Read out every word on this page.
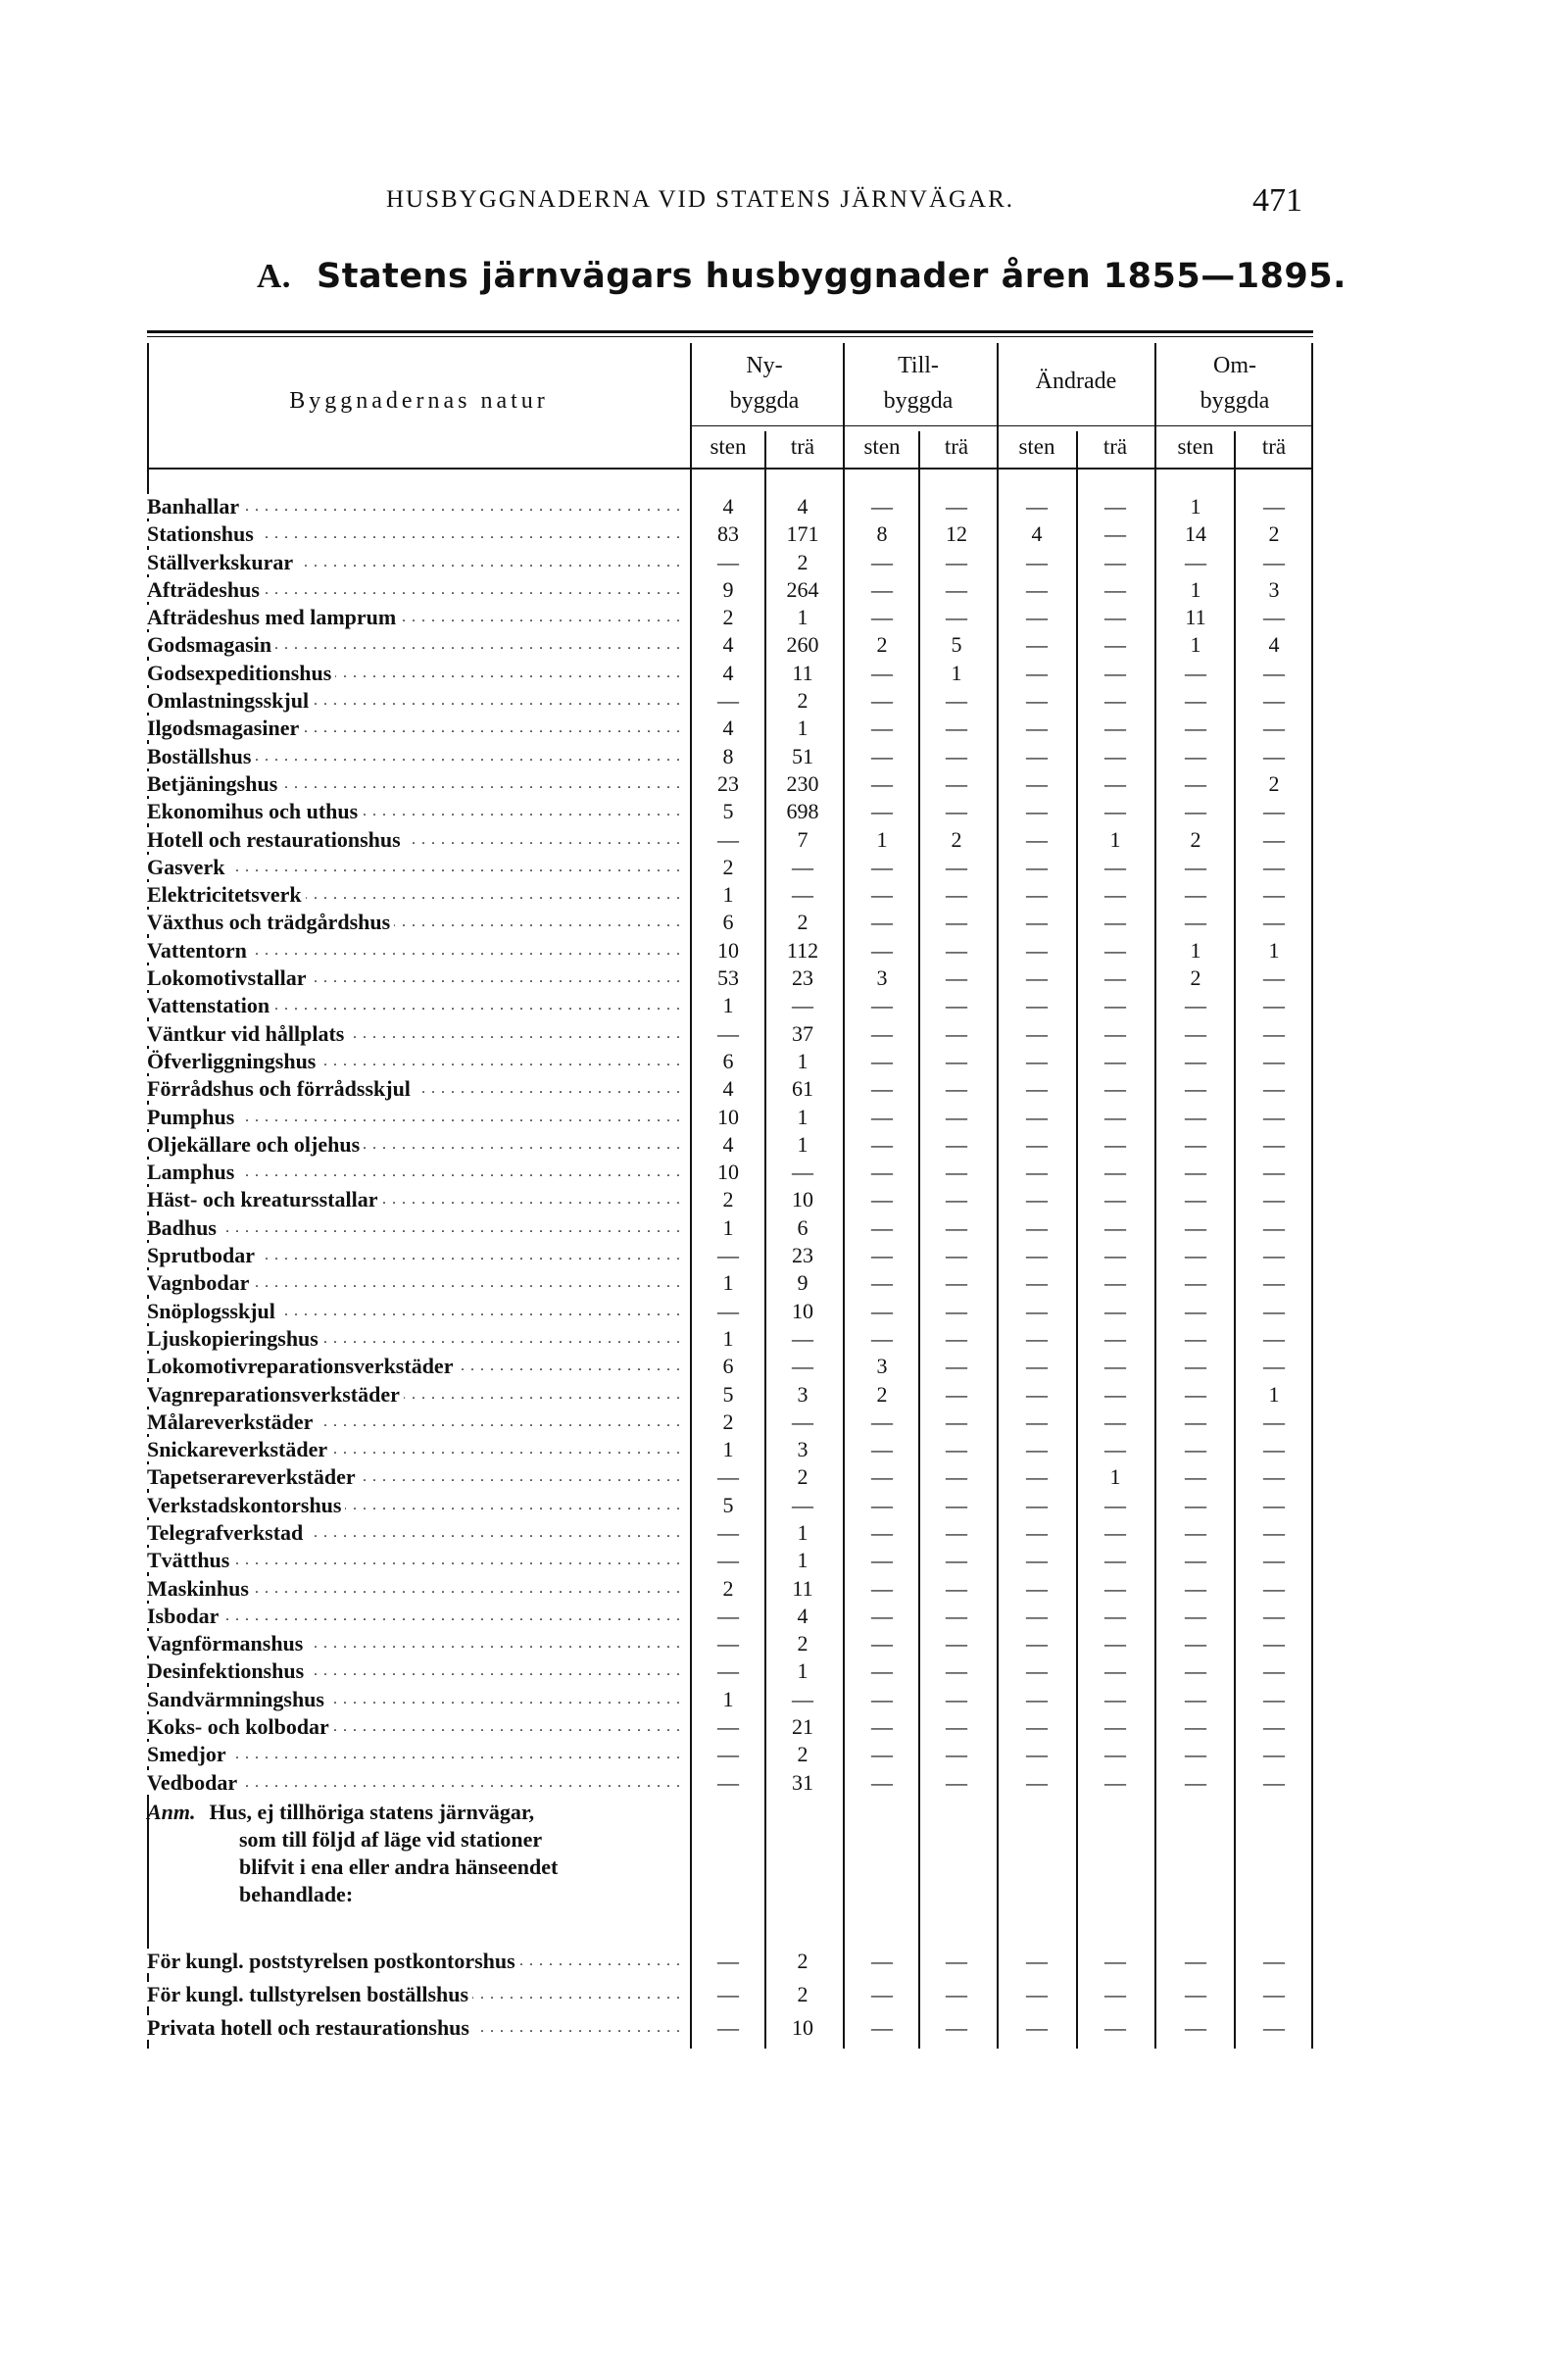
HUSBYGGNADERNA VID STATENS JÄRNVÄGAR.	471
A. Statens järnvägars husbyggnader åren 1855—1895.
Byggnadernas natur
Ny-
byggda
Till-
byggda
Ändrade
Om-
byggda
sten	trä	sten	trä	sten	trä	sten	trä
Banhallar . . .	4	4	—	—	—	—	1	—
Stationshus . . .	83	171	8	12	4	—	14	2
Ställverkskurar . . .	—	2	—	—	—	—	—	—
Afträdeshus . . .	9	264	—	—	—	—	1	3
Afträdeshus med lamprum . . .	2	1	—	—	—	—	11	—
Godsmagasin . . .	4	260	2	5	—	—	1	4
Godsexpeditionshus . . .	4	11	—	1	—	—	—	—
Omlastningsskjul . . .	—	2	—	—	—	—	—	—
Ilgodsmagasiner . . .	4	1	—	—	—	—	—	—
Boställshus . . .	8	51	—	—	—	—	—	—
Betjäningshus . . .	23	230	—	—	—	—	—	2
Ekonomihus och uthus . . .	5	698	—	—	—	—	—	—
Hotell och restaurationshus . . .	—	7	1	2	—	1	2	—
Gasverk . . .	2	—	—	—	—	—	—	—
Elektricitetsverk . . .	1	—	—	—	—	—	—	—
Växthus och trädgårdshus . . .	6	2	—	—	—	—	—	—
Vattentorn . . .	10	112	—	—	—	—	1	1
Lokomotivstallar . . .	53	23	3	—	—	—	2	—
Vattenstation . . .	1	—	—	—	—	—	—	—
Väntkur vid hållplats . . .	—	37	—	—	—	—	—	—
Öfverliggningshus . . .	6	1	—	—	—	—	—	—
Förrådshus och förrådsskjul . . .	4	61	—	—	—	—	—	—
Pumphus . . .	10	1	—	—	—	—	—	—
Oljekällare och oljehus . . .	4	1	—	—	—	—	—	—
Lamphus . . .	10	—	—	—	—	—	—	—
Häst- och kreatursstallar . . .	2	10	—	—	—	—	—	—
Badhus . . .	1	6	—	—	—	—	—	—
Sprutbodar . . .	—	23	—	—	—	—	—	—
Vagnbodar . . .	1	9	—	—	—	—	—	—
Snöplogsskjul . . .	—	10	—	—	—	—	—	—
Ljuskopieringshus . . .	1	—	—	—	—	—	—	—
Lokomotivreparationsverkstäder . . .	6	—	3	—	—	—	—	—
Vagnreparationsverkstäder . . .	5	3	2	—	—	—	—	1
Målareverkstäder . . .	2	—	—	—	—	—	—	—
Snickareverkstäder . . .	1	3	—	—	—	—	—	—
Tapetserareverkstäder . . .	—	2	—	—	—	1	—	—
Verkstadskontorshus . . .	5	—	—	—	—	—	—	—
Telegrafverkstad . . .	—	1	—	—	—	—	—	—
Tvätthus . . .	—	1	—	—	—	—	—	—
Maskinhus . . .	2	11	—	—	—	—	—	—
Isbodar . . .	—	4	—	—	—	—	—	—
Vagnförmanshus . . .	—	2	—	—	—	—	—	—
Desinfektionshus . . .	—	1	—	—	—	—	—	—
Sandvärmningshus . . .	1	—	—	—	—	—	—	—
Koks- och kolbodar . . .	—	21	—	—	—	—	—	—
Smedjor . . .	—	2	—	—	—	—	—	—
Vedbodar . . .	—	31	—	—	—	—	—	—
Anm. Hus, ej tillhöriga statens järnvägar,
som till följd af läge vid stationer
blifvit i ena eller andra hänseendet
behandlade:
För kungl. poststyrelsen postkontorshus . . .	—	2	—	—	—	—	—	—
För kungl. tullstyrelsen boställshus . . .	—	2	—	—	—	—	—	—
Privata hotell och restaurationshus . . .	—	10	—	—	—	—	—	—
